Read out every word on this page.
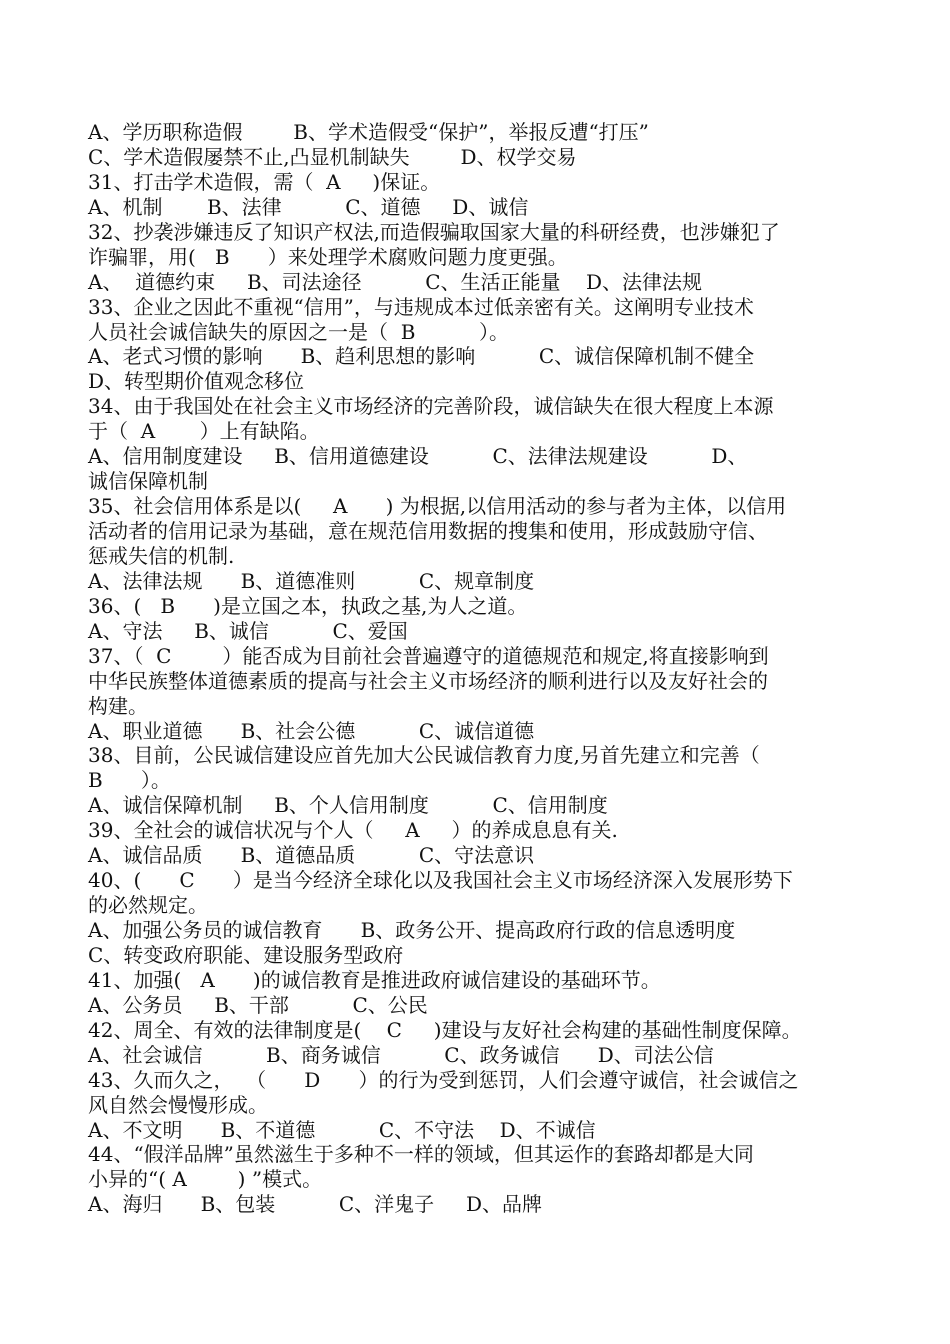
A、学历职称造假        B、学术造假受“保护”，举报反遭“打压”
C、学术造假屡禁不止,凸显机制缺失        D、权学交易
31、打击学术造假，需（  A     )保证。
A、机制       B、法律          C、道德     D、诚信
32、抄袭涉嫌违反了知识产权法,而造假骗取国家大量的科研经费，也涉嫌犯了
诈骗罪，用(   B      ）来处理学术腐败问题力度更强。
A、  道德约束     B、司法途径          C、生活正能量    D、法律法规
33、企业之因此不重视“信用”，与违规成本过低亲密有关。这阐明专业技术
人员社会诚信缺失的原因之一是（  B          ）。
A、老式习惯的影响      B、趋利思想的影响          C、诚信保障机制不健全
D、转型期价值观念移位
34、由于我国处在社会主义市场经济的完善阶段，诚信缺失在很大程度上本源
于（  A       ）上有缺陷。
A、信用制度建设     B、信用道德建设          C、法律法规建设          D、
诚信保障机制
35、社会信用体系是以(     A      ) 为根据,以信用活动的参与者为主体，以信用
活动者的信用记录为基础，意在规范信用数据的搜集和使用，形成鼓励守信、
惩戒失信的机制.
A、法律法规      B、道德准则          C、规章制度
36、(   B      )是立国之本，执政之基,为人之道。
A、守法     B、诚信          C、爱国
37、（  C        ）能否成为目前社会普遍遵守的道德规范和规定,将直接影响到
中华民族整体道德素质的提高与社会主义市场经济的顺利进行以及友好社会的
构建。
A、职业道德      B、社会公德          C、诚信道德
38、目前，公民诚信建设应首先加大公民诚信教育力度,另首先建立和完善（
B      ）。
A、诚信保障机制     B、个人信用制度          C、信用制度
39、全社会的诚信状况与个人（     A     ）的养成息息有关.
A、诚信品质      B、道德品质          C、守法意识
40、(      C      ）是当今经济全球化以及我国社会主义市场经济深入发展形势下
的必然规定。
A、加强公务员的诚信教育      B、政务公开、提高政府行政的信息透明度
C、转变政府职能、建设服务型政府
41、加强(   A      )的诚信教育是推进政府诚信建设的基础环节。
A、公务员     B、干部          C、公民
42、周全、有效的法律制度是(    C     )建设与友好社会构建的基础性制度保障。
A、社会诚信          B、商务诚信          C、政务诚信      D、司法公信
43、久而久之，  （      D      ）的行为受到惩罚，人们会遵守诚信，社会诚信之
风自然会慢慢形成。
A、不文明      B、不道德          C、不守法    D、不诚信
44、“假洋品牌”虽然滋生于多种不一样的领域，但其运作的套路却都是大同
小异的“( A        ) ”模式。
A、海归      B、包装          C、洋鬼子     D、品牌
